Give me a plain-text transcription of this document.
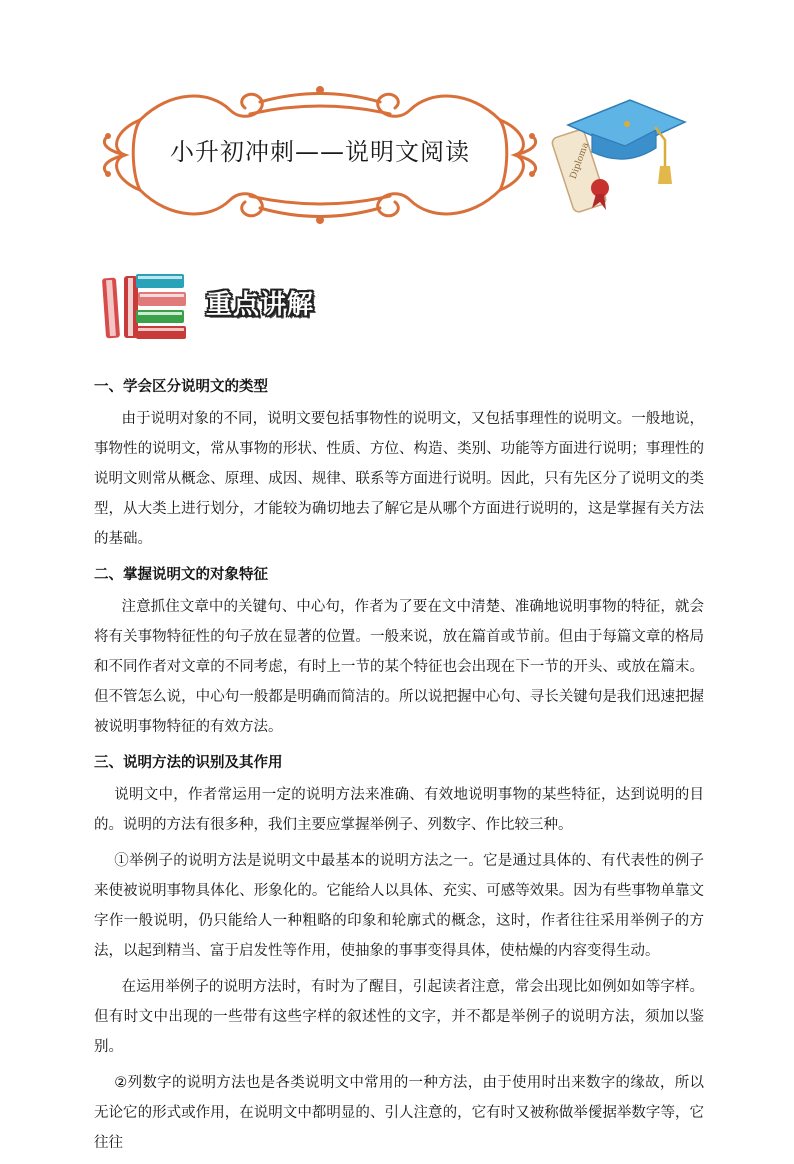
Diploma
小升初冲刺——说明文阅读
重点讲解
一、学会区分说明文的类型
由于说明对象的不同，说明文要包括事物性的说明文，又包括事理性的说明文。一般地说，事物性的说明文，常从事物的形状、性质、方位、构造、类别、功能等方面进行说明；事理性的说明文则常从概念、原理、成因、规律、联系等方面进行说明。因此，只有先区分了说明文的类型，从大类上进行划分，才能较为确切地去了解它是从哪个方面进行说明的，这是掌握有关方法的基础。
二、掌握说明文的对象特征
注意抓住文章中的关键句、中心句，作者为了要在文中清楚、准确地说明事物的特征，就会将有关事物特征性的句子放在显著的位置。一般来说，放在篇首或节前。但由于每篇文章的格局和不同作者对文章的不同考虑，有时上一节的某个特征也会出现在下一节的开头、或放在篇末。但不管怎么说，中心句一般都是明确而简洁的。所以说把握中心句、寻长关键句是我们迅速把握被说明事物特征的有效方法。
三、说明方法的识别及其作用
说明文中，作者常运用一定的说明方法来准确、有效地说明事物的某些特征，达到说明的目的。说明的方法有很多种，我们主要应掌握举例子、列数字、作比较三种。
①举例子的说明方法是说明文中最基本的说明方法之一。它是通过具体的、有代表性的例子来使被说明事物具体化、形象化的。它能给人以具体、充实、可感等效果。因为有些事物单靠文字作一般说明，仍只能给人一种粗略的印象和轮廓式的概念，这时，作者往往采用举例子的方法，以起到精当、富于启发性等作用，使抽象的事事变得具体，使枯燥的内容变得生动。
在运用举例子的说明方法时，有时为了醒目，引起读者注意，常会出现比如例如如等字样。但有时文中出现的一些带有这些字样的叙述性的文字，并不都是举例子的说明方法，须加以鉴别。
②列数字的说明方法也是各类说明文中常用的一种方法，由于使用时出来数字的缘故，所以无论它的形式或作用，在说明文中都明显的、引人注意的，它有时又被称做举僾据举数字等，它往往
